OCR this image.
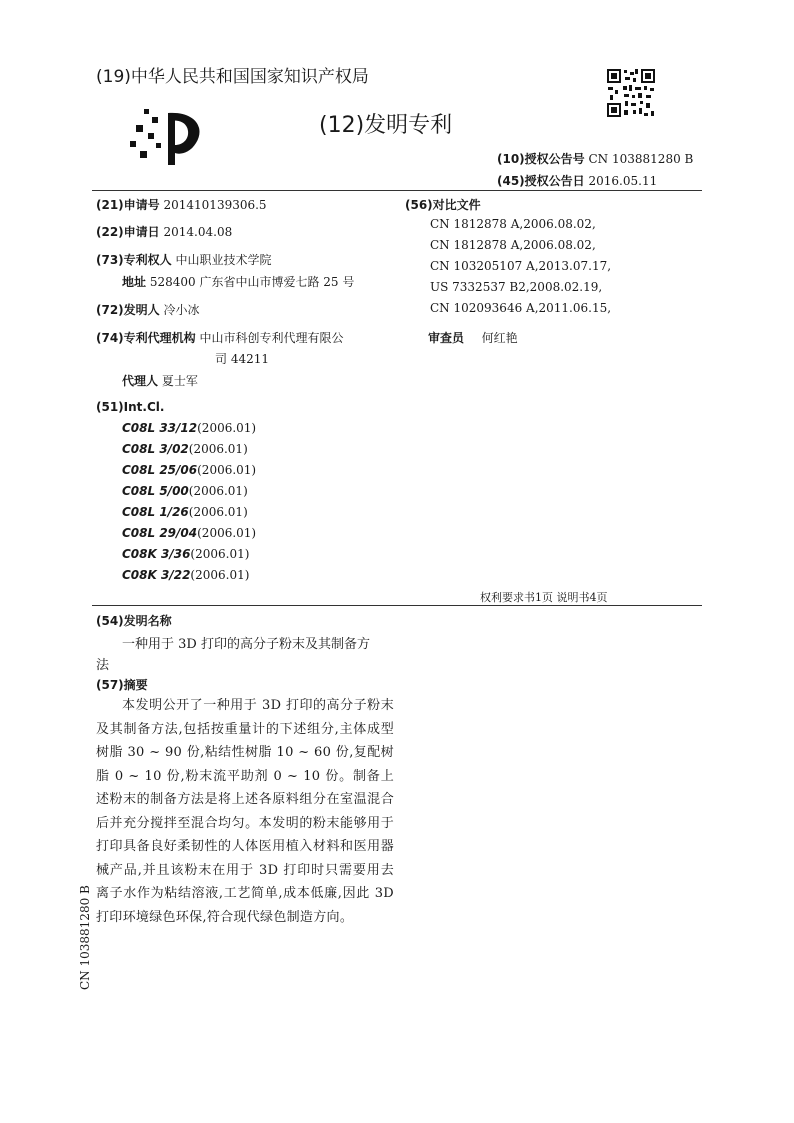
(19)中华人民共和国国家知识产权局
(12)发明专利
(10)授权公告号 CN 103881280 B
(45)授权公告日 2016.05.11
(21)申请号 201410139306.5
(22)申请日 2014.04.08
(73)专利权人 中山职业技术学院
地址 528400 广东省中山市博爱七路 25 号
(72)发明人 冷小冰
(74)专利代理机构 中山市科创专利代理有限公
司 44211
代理人 夏士军
(51)Int.Cl.
C08L 33/12(2006.01)
C08L 3/02(2006.01)
C08L 25/06(2006.01)
C08L 5/00(2006.01)
C08L 1/26(2006.01)
C08L 29/04(2006.01)
C08K 3/36(2006.01)
C08K 3/22(2006.01)
(56)对比文件
CN 1812878 A,2006.08.02,
CN 1812878 A,2006.08.02,
CN 103205107 A,2013.07.17,
US 7332537 B2,2008.02.19,
CN 102093646 A,2011.06.15,
审查员 何红艳
权利要求书1页 说明书4页
(54)发明名称
一种用于 3D 打印的高分子粉末及其制备方
法
(57)摘要
本发明公开了一种用于 3D 打印的高分子粉末及其制备方法,包括按重量计的下述组分,主体成型树脂 30 ~ 90 份,粘结性树脂 10 ~ 60 份,复配树脂 0 ~ 10 份,粉末流平助剂 0 ~ 10 份。制备上述粉末的制备方法是将上述各原料组分在室温混合后并充分搅拌至混合均匀。本发明的粉末能够用于打印具备良好柔韧性的人体医用植入材料和医用器械产品,并且该粉末在用于 3D 打印时只需要用去离子水作为粘结溶液,工艺简单,成本低廉,因此 3D 打印环境绿色环保,符合现代绿色制造方向。
CN 103881280 B
